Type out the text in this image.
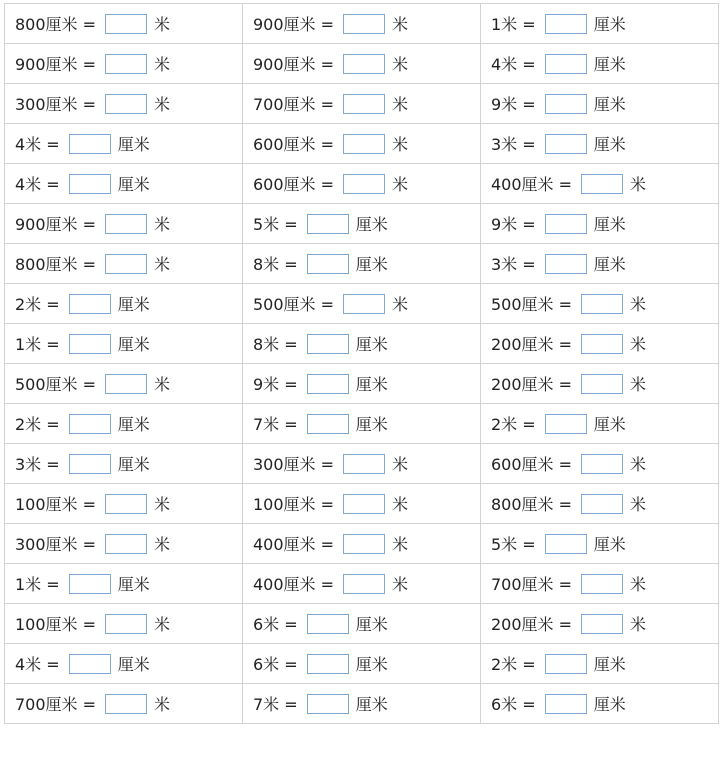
800厘米 = 米	900厘米 = 米	1米 = 厘米
900厘米 = 米	900厘米 = 米	4米 = 厘米
300厘米 = 米	700厘米 = 米	9米 = 厘米
4米 = 厘米	600厘米 = 米	3米 = 厘米
4米 = 厘米	600厘米 = 米	400厘米 = 米
900厘米 = 米	5米 = 厘米	9米 = 厘米
800厘米 = 米	8米 = 厘米	3米 = 厘米
2米 = 厘米	500厘米 = 米	500厘米 = 米
1米 = 厘米	8米 = 厘米	200厘米 = 米
500厘米 = 米	9米 = 厘米	200厘米 = 米
2米 = 厘米	7米 = 厘米	2米 = 厘米
3米 = 厘米	300厘米 = 米	600厘米 = 米
100厘米 = 米	100厘米 = 米	800厘米 = 米
300厘米 = 米	400厘米 = 米	5米 = 厘米
1米 = 厘米	400厘米 = 米	700厘米 = 米
100厘米 = 米	6米 = 厘米	200厘米 = 米
4米 = 厘米	6米 = 厘米	2米 = 厘米
700厘米 = 米	7米 = 厘米	6米 = 厘米
